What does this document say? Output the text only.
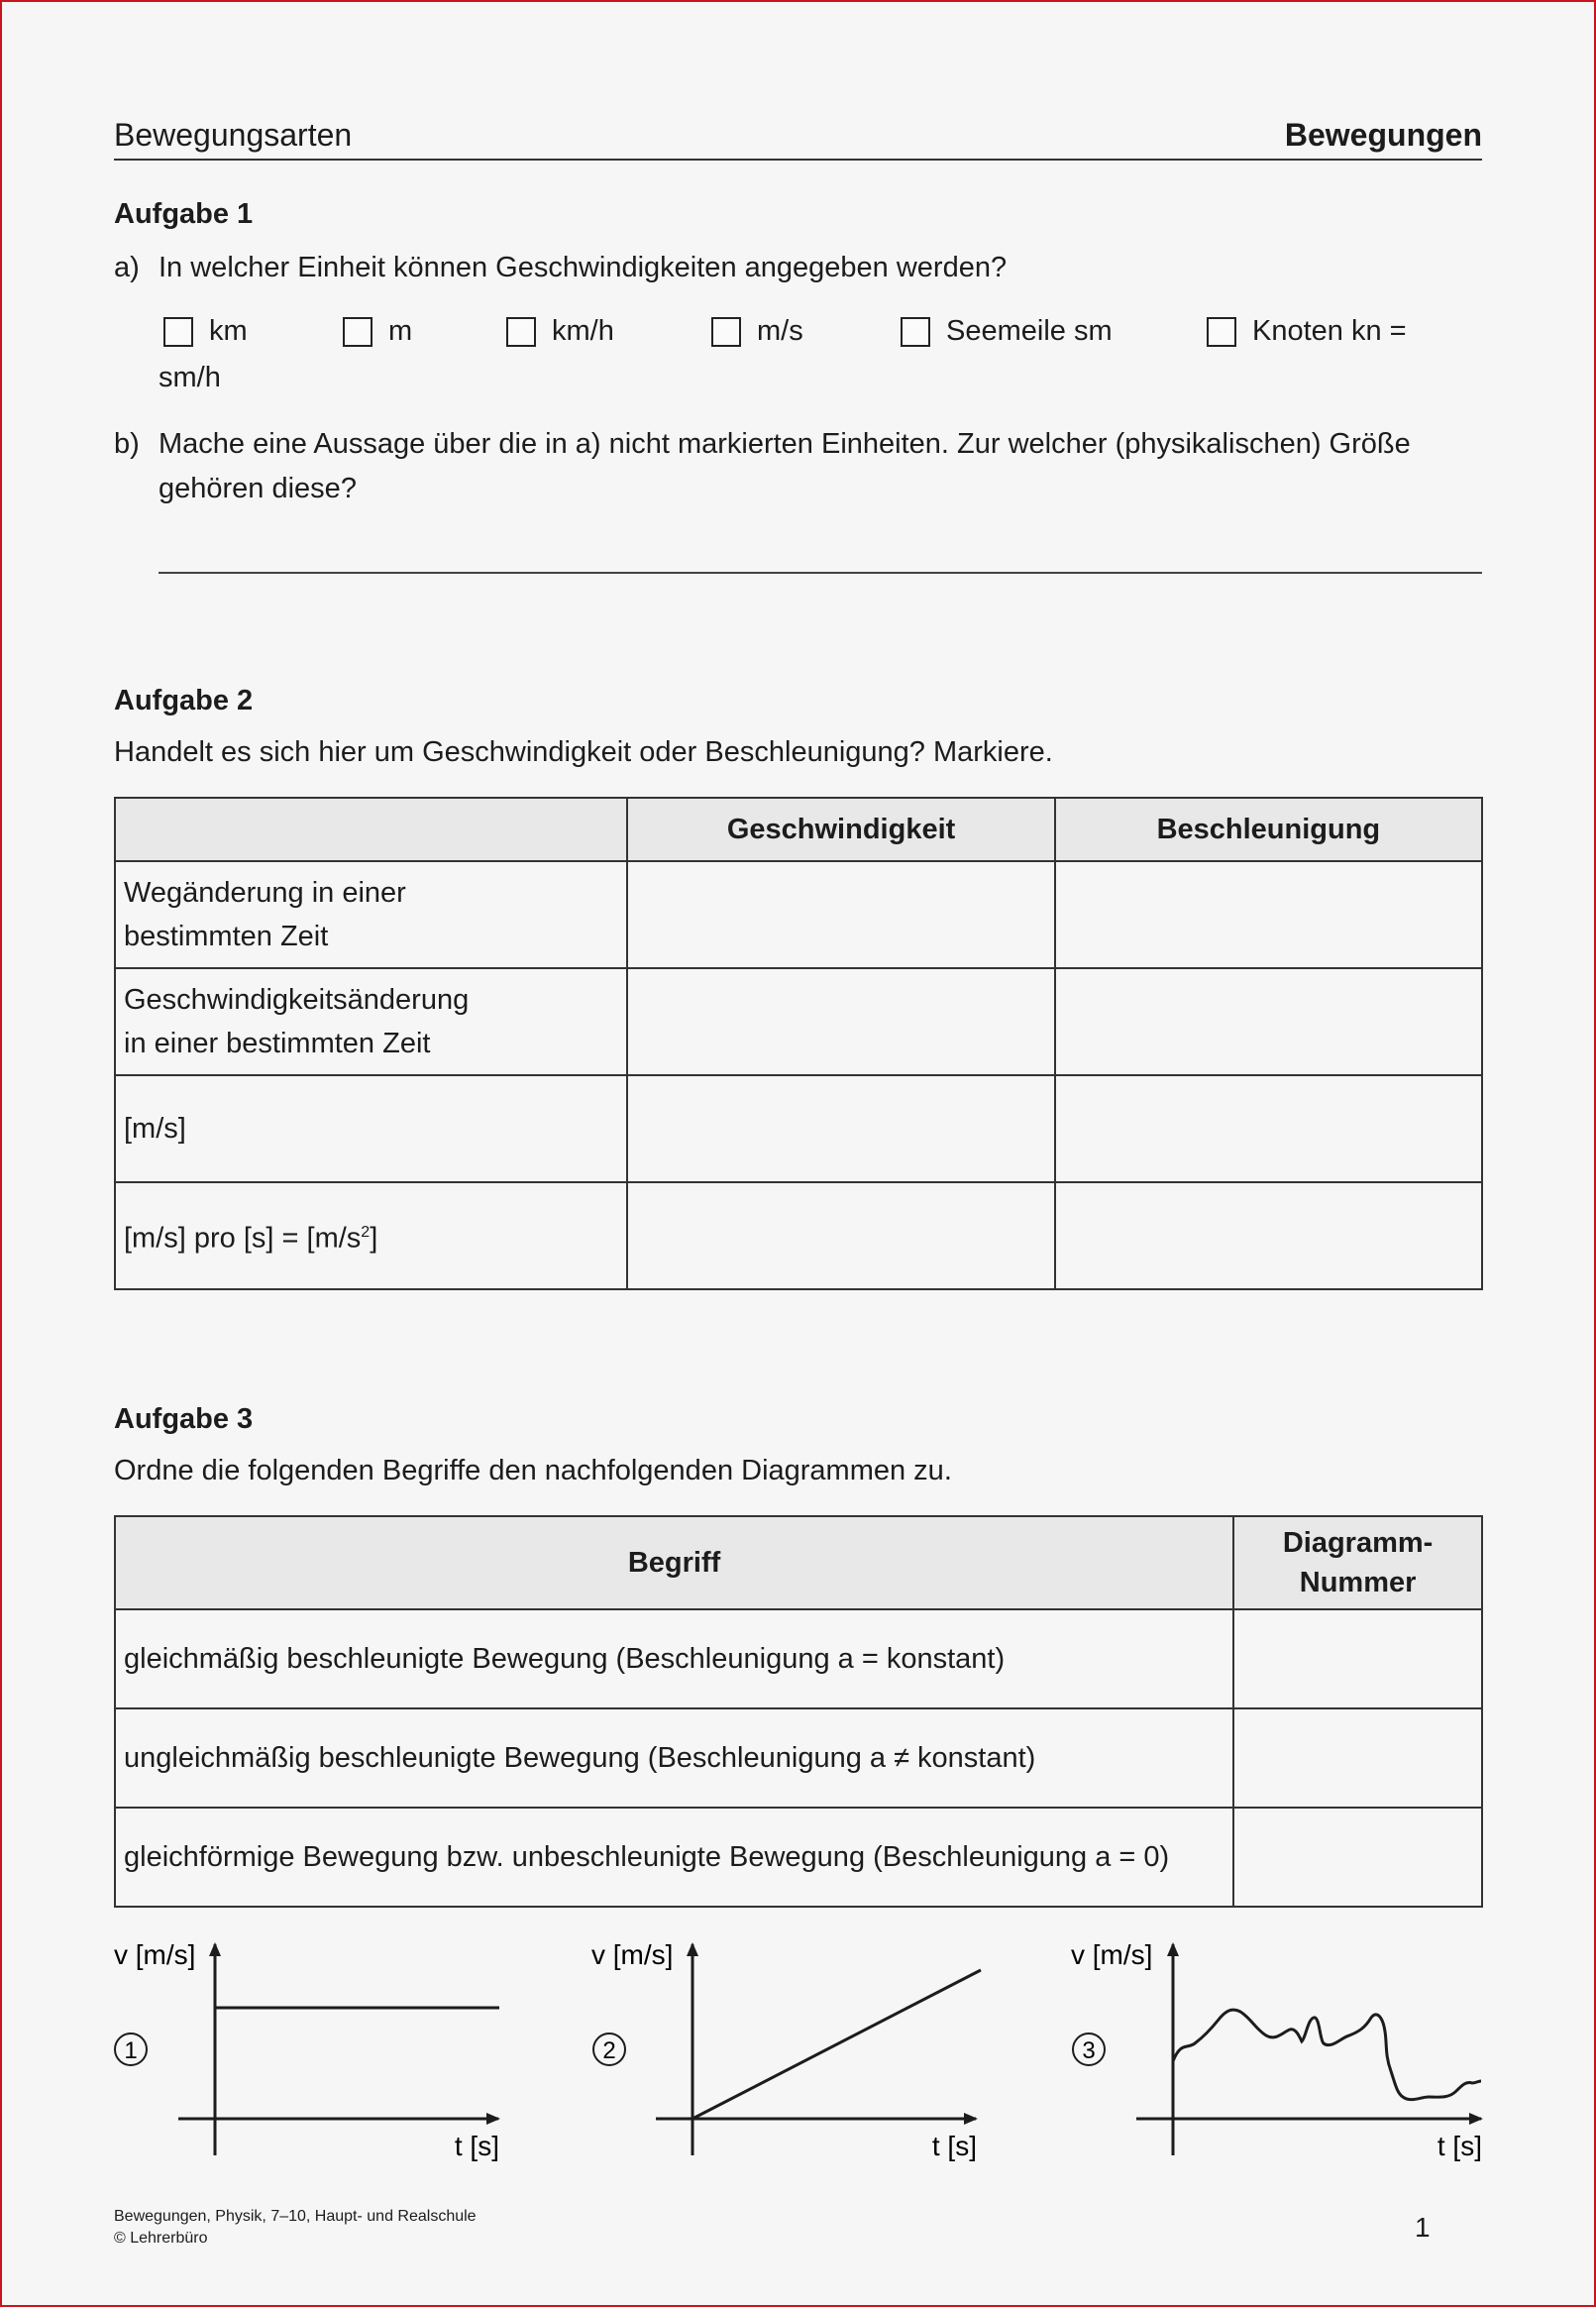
Bewegungsarten	Bewegungen
Aufgabe 1
a) In welcher Einheit können Geschwindigkeiten angegeben werden?
km	m	km/h	m/s	Seemeile sm	Knoten kn =
sm/h
b) Mache eine Aussage über die in a) nicht markierten Einheiten. Zur welcher (physikalischen) Größe
gehören diese?
Aufgabe 2
Handelt es sich hier um Geschwindigkeit oder Beschleunigung? Markiere.
	Geschwindigkeit	Beschleunigung
Wegänderung in einer
bestimmten Zeit		
Geschwindigkeitsänderung
in einer bestimmten Zeit		
[m/s]		
[m/s] pro $[s] = [m/s^2]$		
Aufgabe 3
Ordne die folgenden Begriffe den nachfolgenden Diagrammen zu.
Begriff	Diagramm-
Nummer
gleichmäßig beschleunigte Bewegung (Beschleunigung a = konstant)	
ungleichmäßig beschleunigte Bewegung (Beschleunigung a ≠ konstant)	
gleichförmige Bewegung bzw. unbeschleunigte Bewegung (Beschleunigung a = 0)	
v [m/s]
1
t [s]
v [m/s]
2
t [s]
v [m/s]
3
t [s]
Bewegungen, Physik, 7–10, Haupt- und Realschule
© Lehrerbüro	1
